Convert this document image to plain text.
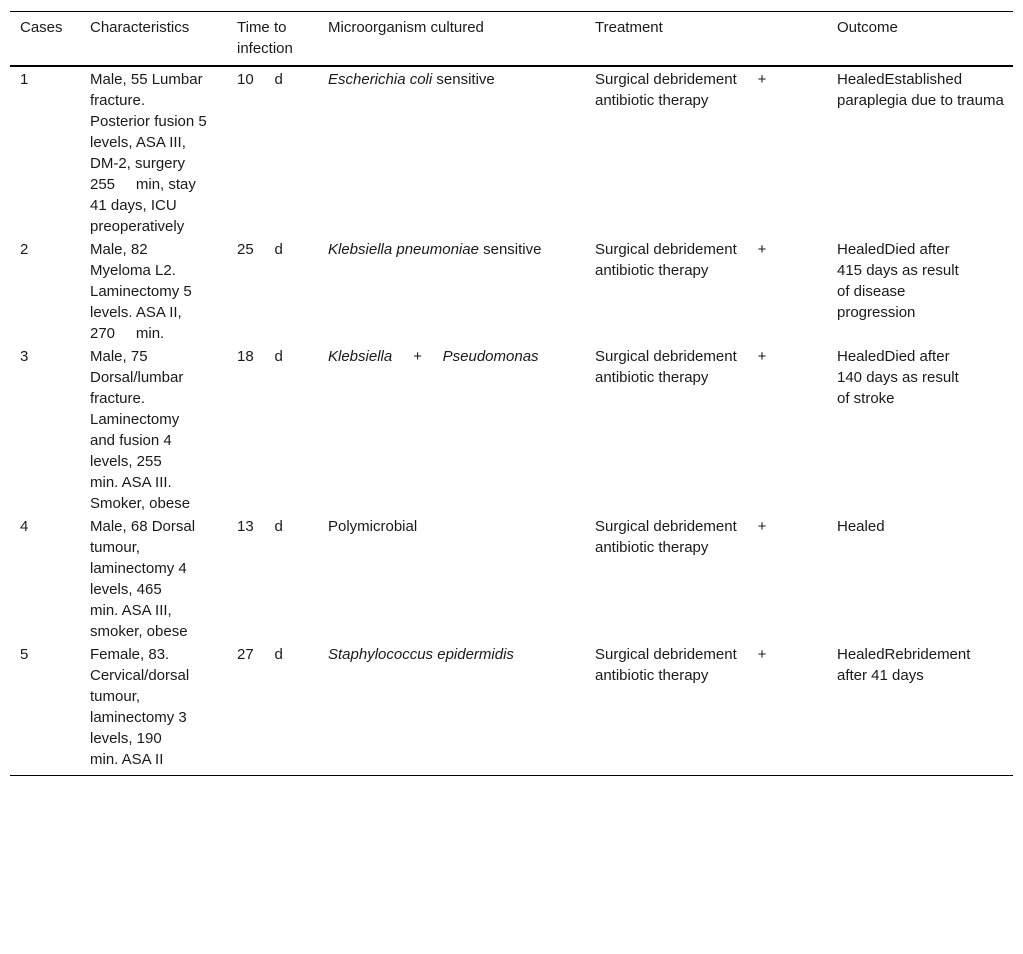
Cases	Characteristics	Time to infection	Microorganism cultured	Treatment	Outcome
1	Male, 55 Lumbar fracture. Posterior fusion 5 levels, ASA III, DM-2, surgery 255     min, stay 41 days, ICU preoperatively	10     d	Escherichia coli sensitive	Surgical debridement     +     antibiotic therapy	HealedEstablished paraplegia due to trauma
2	Male, 82 Myeloma L2. Laminectomy 5 levels. ASA II, 270     min.	25     d	Klebsiella pneumoniae sensitive	Surgical debridement     +     antibiotic therapy	HealedDied after 415 days as result of disease progression
3	Male, 75 Dorsal/lumbar fracture. Laminectomy and fusion 4 levels, 255     min. ASA III. Smoker, obese	18     d	Klebsiella     +     Pseudomonas	Surgical debridement     +     antibiotic therapy	HealedDied after 140 days as result of stroke
4	Male, 68 Dorsal tumour, laminectomy 4 levels, 465     min. ASA III, smoker, obese	13     d	Polymicrobial	Surgical debridement     +     antibiotic therapy	Healed
5	Female, 83. Cervical/dorsal tumour, laminectomy 3 levels, 190     min. ASA II	27     d	Staphylococcus epidermidis	Surgical debridement     +     antibiotic therapy	HealedRebridement after 41 days
